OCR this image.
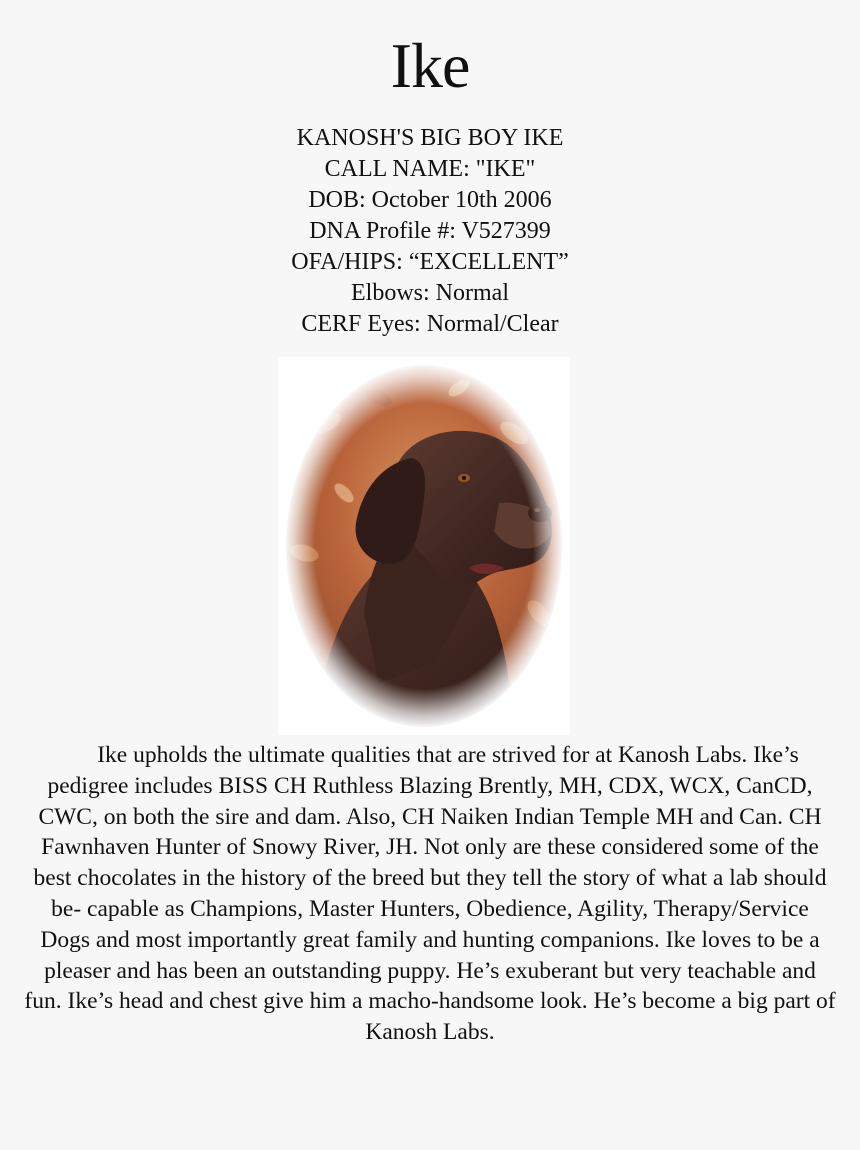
Ike
KANOSH'S BIG BOY IKE
CALL NAME: "IKE"
DOB: October 10th 2006
DNA Profile #: V527399
OFA/HIPS: “EXCELLENT”
Elbows: Normal
CERF Eyes: Normal/Clear

Ike upholds the ultimate qualities that are strived for at Kanosh Labs. Ike’s pedigree includes BISS CH Ruthless Blazing Brently, MH, CDX, WCX, CanCD, CWC, on both the sire and dam. Also, CH Naiken Indian Temple MH and Can. CH Fawnhaven Hunter of Snowy River, JH. Not only are these considered some of the best chocolates in the history of the breed but they tell the story of what a lab should be- capable as Champions, Master Hunters, Obedience, Agility, Therapy/Service Dogs and most importantly great family and hunting companions. Ike loves to be a pleaser and has been an outstanding puppy. He’s exuberant but very teachable and fun. Ike’s head and chest give him a macho-handsome look. He’s become a big part of Kanosh Labs.
